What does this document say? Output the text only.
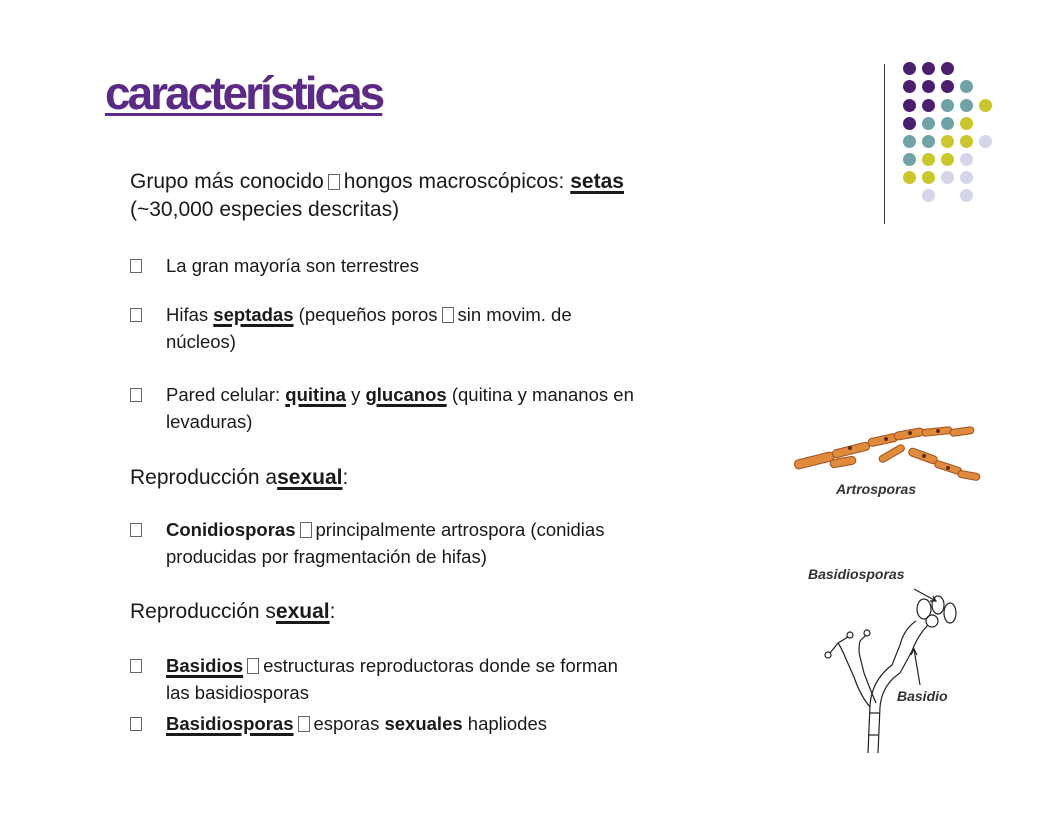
características
Grupo más conocido hongos macroscópicos: setas
(~30,000 especies descritas)
La gran mayoría son terrestres
Hifas septadas (pequeños poros sin movim. de
núcleos)
Pared celular: quitina y glucanos (quitina y mananos en
levaduras)
Reproducción asexual:
Conidiosporas principalmente artrospora (conidias
producidas por fragmentación de hifas)
Reproducción sexual:
Basidios estructuras reproductoras donde se forman
las basidiosporas
Basidiosporas esporas sexuales hapliodes
Artrosporas
Basidiosporas
Basidio
